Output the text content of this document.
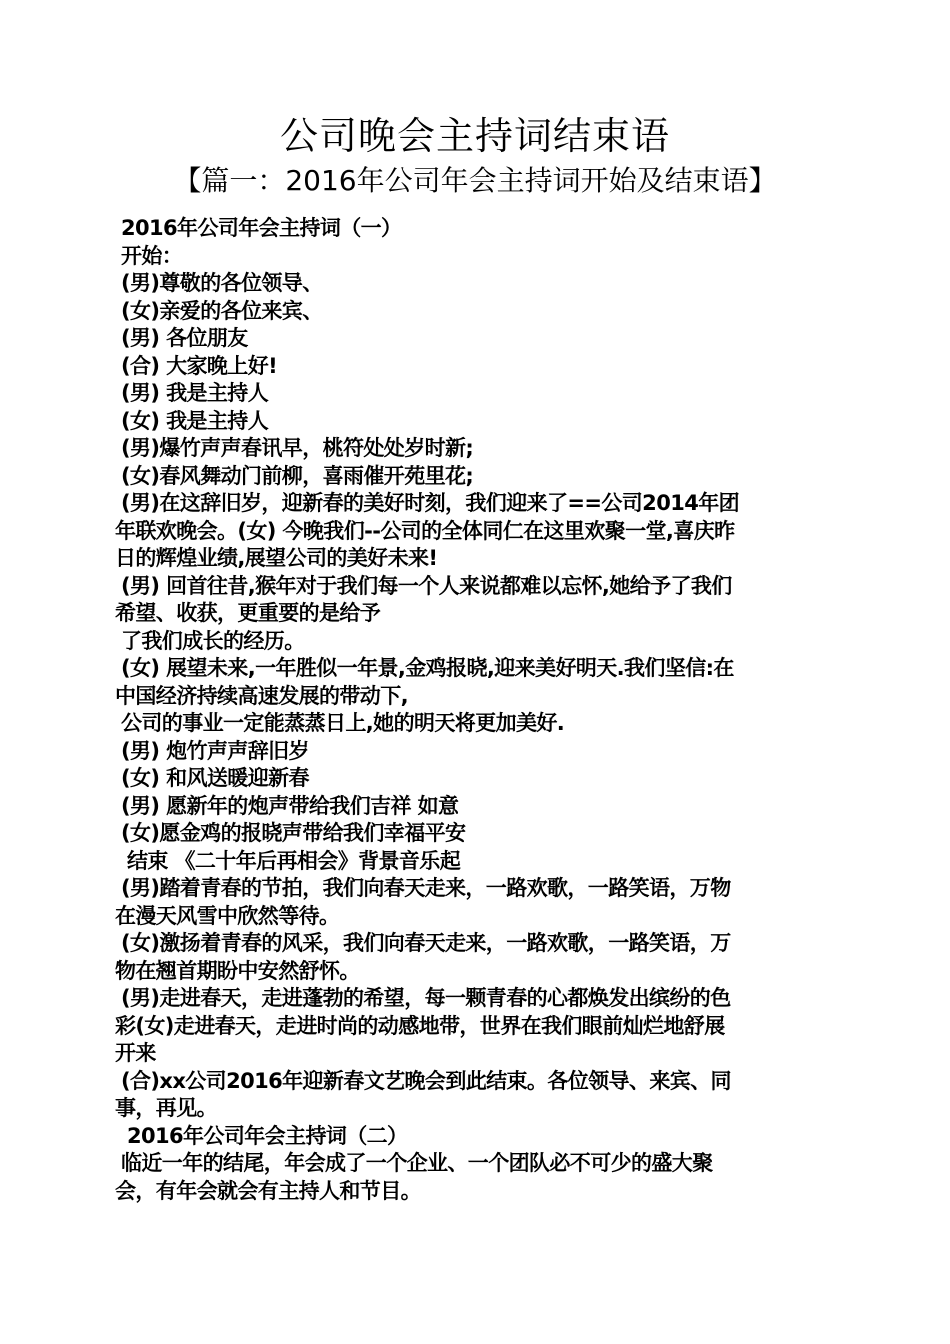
公司晚会主持词结束语
【篇一：2016年公司年会主持词开始及结束语】
2016年公司年会主持词（一）
开始：
(男)尊敬的各位领导、
(女)亲爱的各位来宾、
(男) 各位朋友
(合) 大家晚上好!
(男) 我是主持人
(女) 我是主持人
(男)爆竹声声春讯早，桃符处处岁时新;
(女)春风舞动门前柳，喜雨催开苑里花;
(男)在这辞旧岁，迎新春的美好时刻，我们迎来了==公司2014年团
年联欢晚会。(女) 今晚我们--公司的全体同仁在这里欢聚一堂,喜庆昨
日的辉煌业绩,展望公司的美好未来!
(男) 回首往昔,猴年对于我们每一个人来说都难以忘怀,她给予了我们
希望、收获，更重要的是给予
了我们成长的经历。
(女) 展望未来,一年胜似一年景,金鸡报晓,迎来美好明天.我们坚信:在
中国经济持续高速发展的带动下,
公司的事业一定能蒸蒸日上,她的明天将更加美好.
(男) 炮竹声声辞旧岁
(女) 和风送暖迎新春
(男) 愿新年的炮声带给我们吉祥 如意
(女)愿金鸡的报晓声带给我们幸福平安
结束 《二十年后再相会》背景音乐起
(男)踏着青春的节拍，我们向春天走来，一路欢歌，一路笑语，万物
在漫天风雪中欣然等待。
(女)激扬着青春的风采，我们向春天走来，一路欢歌，一路笑语，万
物在翘首期盼中安然舒怀。
(男)走进春天，走进蓬勃的希望，每一颗青春的心都焕发出缤纷的色
彩(女)走进春天，走进时尚的动感地带，世界在我们眼前灿烂地舒展
开来
(合)xx公司2016年迎新春文艺晚会到此结束。各位领导、来宾、同
事，再见。
2016年公司年会主持词（二）
临近一年的结尾，年会成了一个企业、一个团队必不可少的盛大聚
会，有年会就会有主持人和节目。
